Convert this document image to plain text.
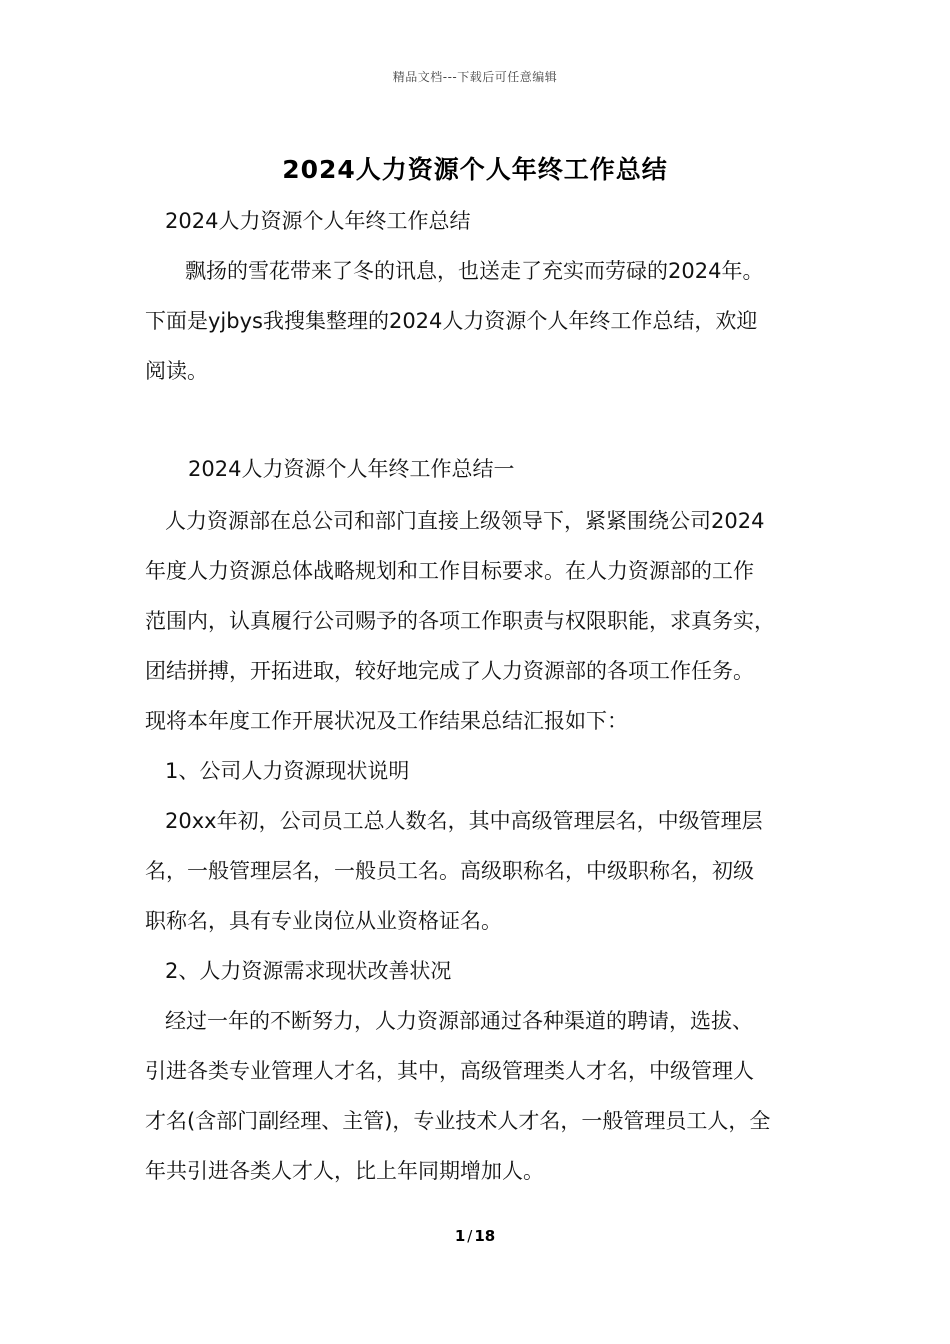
精品文档---下载后可任意编辑
2024人力资源个人年终工作总结
2024人力资源个人年终工作总结
飘扬的雪花带来了冬的讯息，也送走了充实而劳碌的2024年。
下面是yjbys我搜集整理的2024人力资源个人年终工作总结，欢迎
阅读。
2024人力资源个人年终工作总结一
人力资源部在总公司和部门直接上级领导下，紧紧围绕公司2024
年度人力资源总体战略规划和工作目标要求。在人力资源部的工作
范围内，认真履行公司赐予的各项工作职责与权限职能，求真务实，
团结拼搏，开拓进取，较好地完成了人力资源部的各项工作任务。
现将本年度工作开展状况及工作结果总结汇报如下：
1、公司人力资源现状说明
20xx年初，公司员工总人数名，其中高级管理层名，中级管理层
名，一般管理层名，一般员工名。高级职称名，中级职称名，初级
职称名，具有专业岗位从业资格证名。
2、人力资源需求现状改善状况
经过一年的不断努力，人力资源部通过各种渠道的聘请，选拔、
引进各类专业管理人才名，其中，高级管理类人才名，中级管理人
才名(含部门副经理、主管)，专业技术人才名，一般管理员工人，全
年共引进各类人才人，比上年同期增加人。
1 / 18
